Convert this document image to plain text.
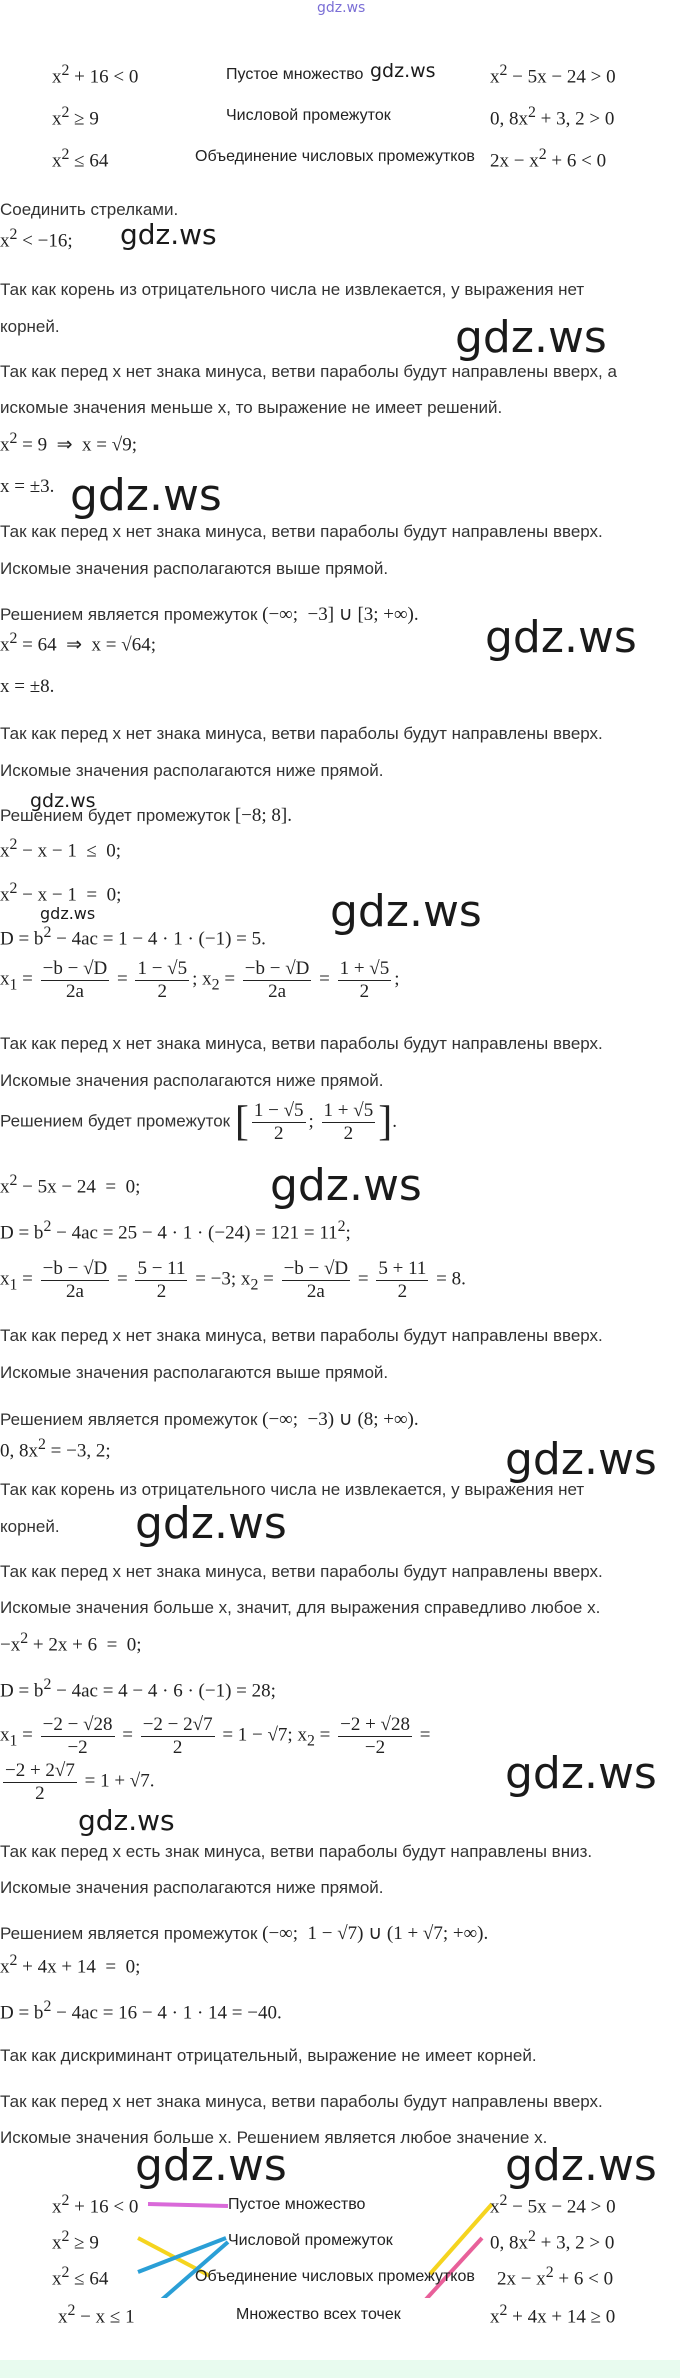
gdz.ws
$x^2 + 16 < 0$
$x^2 \ge 9$
$x^2 \le 64$
Пустое множество
Числовой промежуток
Объединение числовых промежутков
$x^2 - 5x - 24 > 0$
0, $8x^2 + 3$, 2 > 0
$2x - x^2 + 6 < 0$
Соединить стрелками.
$x^2 < -16$;
Так как корень из отрицательного числа не извлекается, у выражения нет
корней.
Так как перед x нет знака минуса, ветви параболы будут направлены вверх, а
искомые значения меньше x, то выражение не имеет решений.
$x^2 = 9$  ⇒  x = √9;
x = ±3.
Так как перед x нет знака минуса, ветви параболы будут направлены вверх.
Искомые значения располагаются выше прямой.
Решением является промежуток (−∞;  −3] ∪ [3; +∞).
$x^2 = 64$  ⇒  x = √64;
x = ±8.
Так как перед x нет знака минуса, ветви параболы будут направлены вверх.
Искомые значения располагаются ниже прямой.
Решением будет промежуток [−8; 8].
$x^2 - x - 1 \le 0$;
$x^2 - x - 1 = 0$;
$D = b^2 - 4ac = 1 - 4 \cdot 1 \cdot (-1) = 5$.
$x_1 = \frac{-b - √D}{2a} = \frac{1 - √5}{2}$ ; $x_2 = \frac{-b - √D}{2a} = \frac{1 + √5}{2}$ ;
Так как перед x нет знака минуса, ветви параболы будут направлены вверх.
Искомые значения располагаются ниже прямой.
Решением будет промежуток [ $\frac{1 - √5}{2}$ ; $\frac{1 + √5}{2}$ ].
$x^2 - 5x - 24 = 0$;
$D = b^2 - 4ac = 25 - 4 \cdot 1 \cdot (-24) = 121 = 11^2$;
$x_1 = \frac{-b - √D}{2a} = \frac{5 - 11}{2} = -3$; $x_2 = \frac{-b - √D}{2a} = \frac{5 + 11}{2} = 8$.
Так как перед x нет знака минуса, ветви параболы будут направлены вверх.
Искомые значения располагаются выше прямой.
Решением является промежуток (−∞;  −3) ∪ (8; +∞).
0, $8x^2 = -3$, 2;
Так как корень из отрицательного числа не извлекается, у выражения нет
корней.
Так как перед x нет знака минуса, ветви параболы будут направлены вверх.
Искомые значения больше x, значит, для выражения справедливо любое x.
$-x^2 + 2x + 6 = 0$;
$D = b^2 - 4ac = 4 - 4 \cdot 6 \cdot (-1) = 28$;
$x_1 = \frac{-2 - √28}{-2} = \frac{-2 - 2√7}{2} = 1 - √7$; $x_2 = \frac{-2 + √28}{-2}$ =
$\frac{-2 + 2√7}{2} = 1 + √7$.
Так как перед x есть знак минуса, ветви параболы будут направлены вниз.
Искомые значения располагаются ниже прямой.
Решением является промежуток (−∞;  1 − √7) ∪ (1 + √7; +∞).
$x^2 + 4x + 14 = 0$;
$D = b^2 - 4ac = 16 - 4 \cdot 1 \cdot 14 = -40$.
Так как дискриминант отрицательный, выражение не имеет корней.
Так как перед x нет знака минуса, ветви параболы будут направлены вверх.
Искомые значения больше x. Решением является любое значение x.
$x^2 + 16 < 0$
$x^2 \ge 9$
$x^2 \le 64$
$x^2 - x \le 1$
Пустое множество
Числовой промежуток
Объединение числовых промежутков
Множество всех точек
$x^2 - 5x - 24 > 0$
0, $8x^2 + 3$, 2 > 0
$2x - x^2 + 6 < 0$
$x^2 + 4x + 14 \ge 0$
gdz.ws
gdz.ws
gdz.ws
gdz.ws
gdz.ws
gdz.ws
gdz.ws	gdz.ws
gdz.ws
gdz.ws
gdz.ws
gdz.ws
gdz.ws
gdz.ws	gdz.ws
